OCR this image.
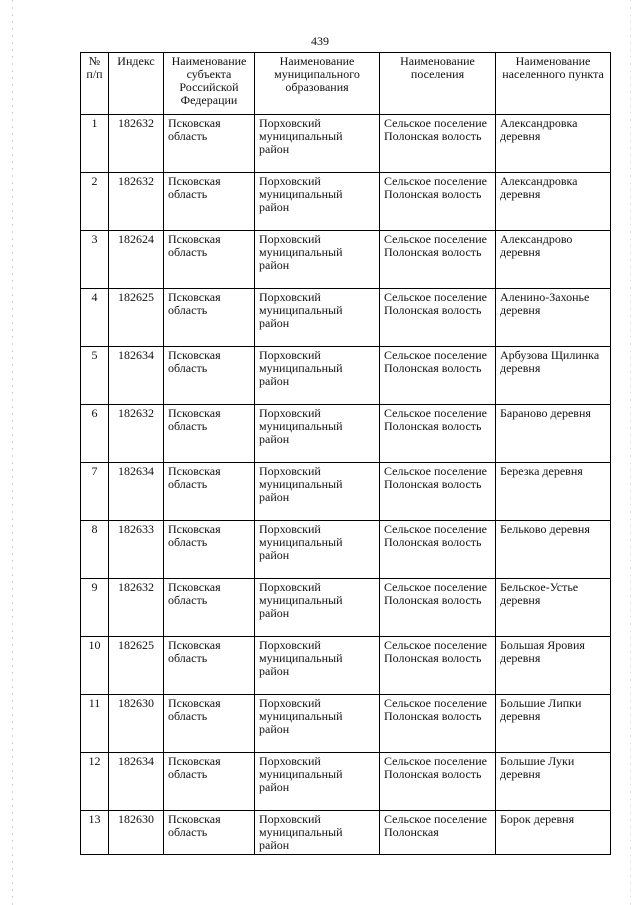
439
№ п/п	Индекс	Наименование субъекта Российской Федерации	Наименование муниципального образования	Наименование поселения	Наименование населенного пункта
1	182632	Псковская область	Порховский муниципальный район	Сельское поселение Полонская волость	Александровка деревня
2	182632	Псковская область	Порховский муниципальный район	Сельское поселение Полонская волость	Александровка деревня
3	182624	Псковская область	Порховский муниципальный район	Сельское поселение Полонская волость	Александрово деревня
4	182625	Псковская область	Порховский муниципальный район	Сельское поселение Полонская волость	Аленино-Захонье деревня
5	182634	Псковская область	Порховский муниципальный район	Сельское поселение Полонская волость	Арбузова Щилинка деревня
6	182632	Псковская область	Порховский муниципальный район	Сельское поселение Полонская волость	Бараново деревня
7	182634	Псковская область	Порховский муниципальный район	Сельское поселение Полонская волость	Березка деревня
8	182633	Псковская область	Порховский муниципальный район	Сельское поселение Полонская волость	Бельково деревня
9	182632	Псковская область	Порховский муниципальный район	Сельское поселение Полонская волость	Бельское-Устье деревня
10	182625	Псковская область	Порховский муниципальный район	Сельское поселение Полонская волость	Большая Яровия деревня
11	182630	Псковская область	Порховский муниципальный район	Сельское поселение Полонская волость	Большие Липки деревня
12	182634	Псковская область	Порховский муниципальный район	Сельское поселение Полонская волость	Большие Луки деревня
13	182630	Псковская область	Порховский муниципальный район	Сельское поселение Полонская	Борок деревня
